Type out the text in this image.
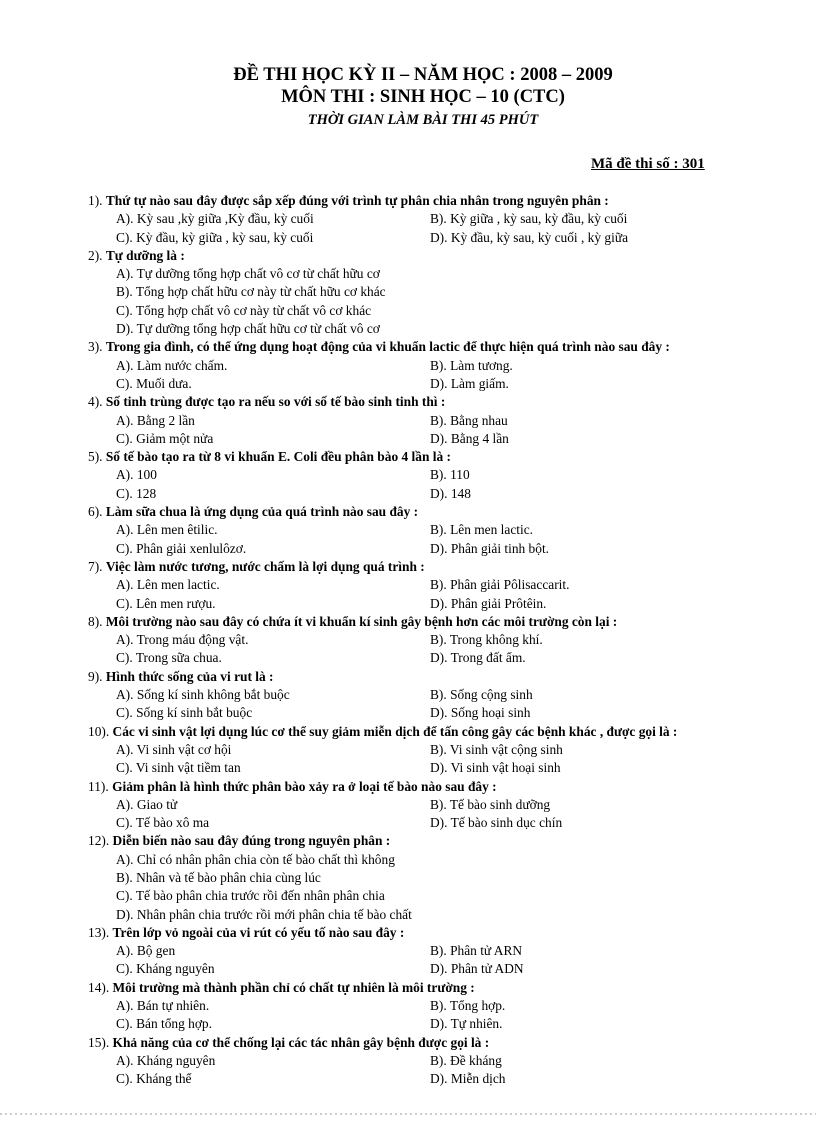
ĐỀ THI HỌC KỲ II – NĂM HỌC : 2008 – 2009
MÔN THI : SINH HỌC – 10 (CTC)
THỜI GIAN LÀM BÀI THI 45 PHÚT
Mã đề thi số : 301
1). Thứ tự nào sau đây được sắp xếp đúng với trình tự phân chia nhân trong nguyên phân :
A). Kỳ sau ,kỳ giữa ,Kỳ đầu, kỳ cuối	B). Kỳ giữa , kỳ sau, kỳ đầu, kỳ cuối
C). Kỳ đầu, kỳ giữa , kỳ sau, kỳ cuối	D). Kỳ đầu, kỳ sau, kỳ cuối , kỳ giữa
2). Tự dưỡng là :
A). Tự dưỡng tổng hợp chất vô cơ từ chất hữu cơ
B). Tổng hợp chất hữu cơ này từ chất hữu cơ khác
C). Tổng hợp chất vô cơ này từ chất vô cơ khác
D). Tự dưỡng tổng hợp chất hữu cơ từ chất vô cơ
3). Trong gia đình, có thể ứng dụng hoạt động của vi khuẩn lactic để thực hiện quá trình nào sau đây :
A). Làm nước chấm.	B). Làm tương.
C). Muối dưa.	D). Làm giấm.
4). Số tinh trùng được tạo ra nếu so với số tế bào sinh tinh thì :
A). Bằng 2 lần	B). Bằng nhau
C). Giảm một nửa	D). Bằng 4 lần
5). Số tế bào tạo ra từ 8 vi khuẩn E. Coli đều phân bào 4 lần là :
A). 100	B). 110
C). 128	D). 148
6). Làm sữa chua là ứng dụng của quá trình nào sau đây :
A). Lên men êtilic.	B). Lên men lactic.
C). Phân giải xenlulôzơ.	D). Phân giải tinh bột.
7). Việc làm nước tương, nước chấm là lợi dụng quá trình :
A). Lên men lactic.	B). Phân giải Pôlisaccarit.
C). Lên men rượu.	D). Phân giải Prôtêin.
8). Môi trường nào sau đây có chứa ít vi khuẩn kí sinh gây bệnh hơn các môi trường còn lại :
A). Trong máu động vật.	B). Trong không khí.
C). Trong sữa chua.	D). Trong đất ẩm.
9). Hình thức sống của vi rut là :
A). Sống kí sinh không bắt buộc	B). Sống cộng sinh
C). Sống kí sinh bắt buộc	D). Sống hoại sinh
10). Các vi sinh vật lợi dụng lúc cơ thể suy giảm miễn dịch để tấn công gây các bệnh khác , được gọi là :
A). Vi sinh vật cơ hội	B). Vi sinh vật cộng sinh
C). Vi sinh vật tiềm tan	D). Vi sinh vật hoại sinh
11). Giảm phân là hình thức phân bào xảy ra ở loại tế bào nào sau đây :
A). Giao tử	B). Tế bào sinh dưỡng
C). Tế bào xô ma	D). Tế bào sinh dục chín
12). Diễn biến nào sau đây đúng trong nguyên phân :
A). Chỉ có nhân phân chia còn tế bào chất thì không
B). Nhân và tế bào phân chia cùng lúc
C). Tế bào phân chia trước rồi đến nhân phân chia
D). Nhân phân chia trước rồi mới phân chia tế bào chất
13). Trên lớp vỏ ngoài của vi rút có yếu tố nào sau đây :
A). Bộ gen	B). Phân tử ARN
C). Kháng nguyên	D). Phân tử ADN
14). Môi trường mà thành phần chỉ có chất tự nhiên là môi trường :
A). Bán tự nhiên.	B). Tổng hợp.
C). Bán tổng hợp.	D). Tự nhiên.
15). Khả năng của cơ thể chống lại các tác nhân gây bệnh được gọi là :
A). Kháng nguyên	B). Đề kháng
C). Kháng thể	D). Miễn dịch
